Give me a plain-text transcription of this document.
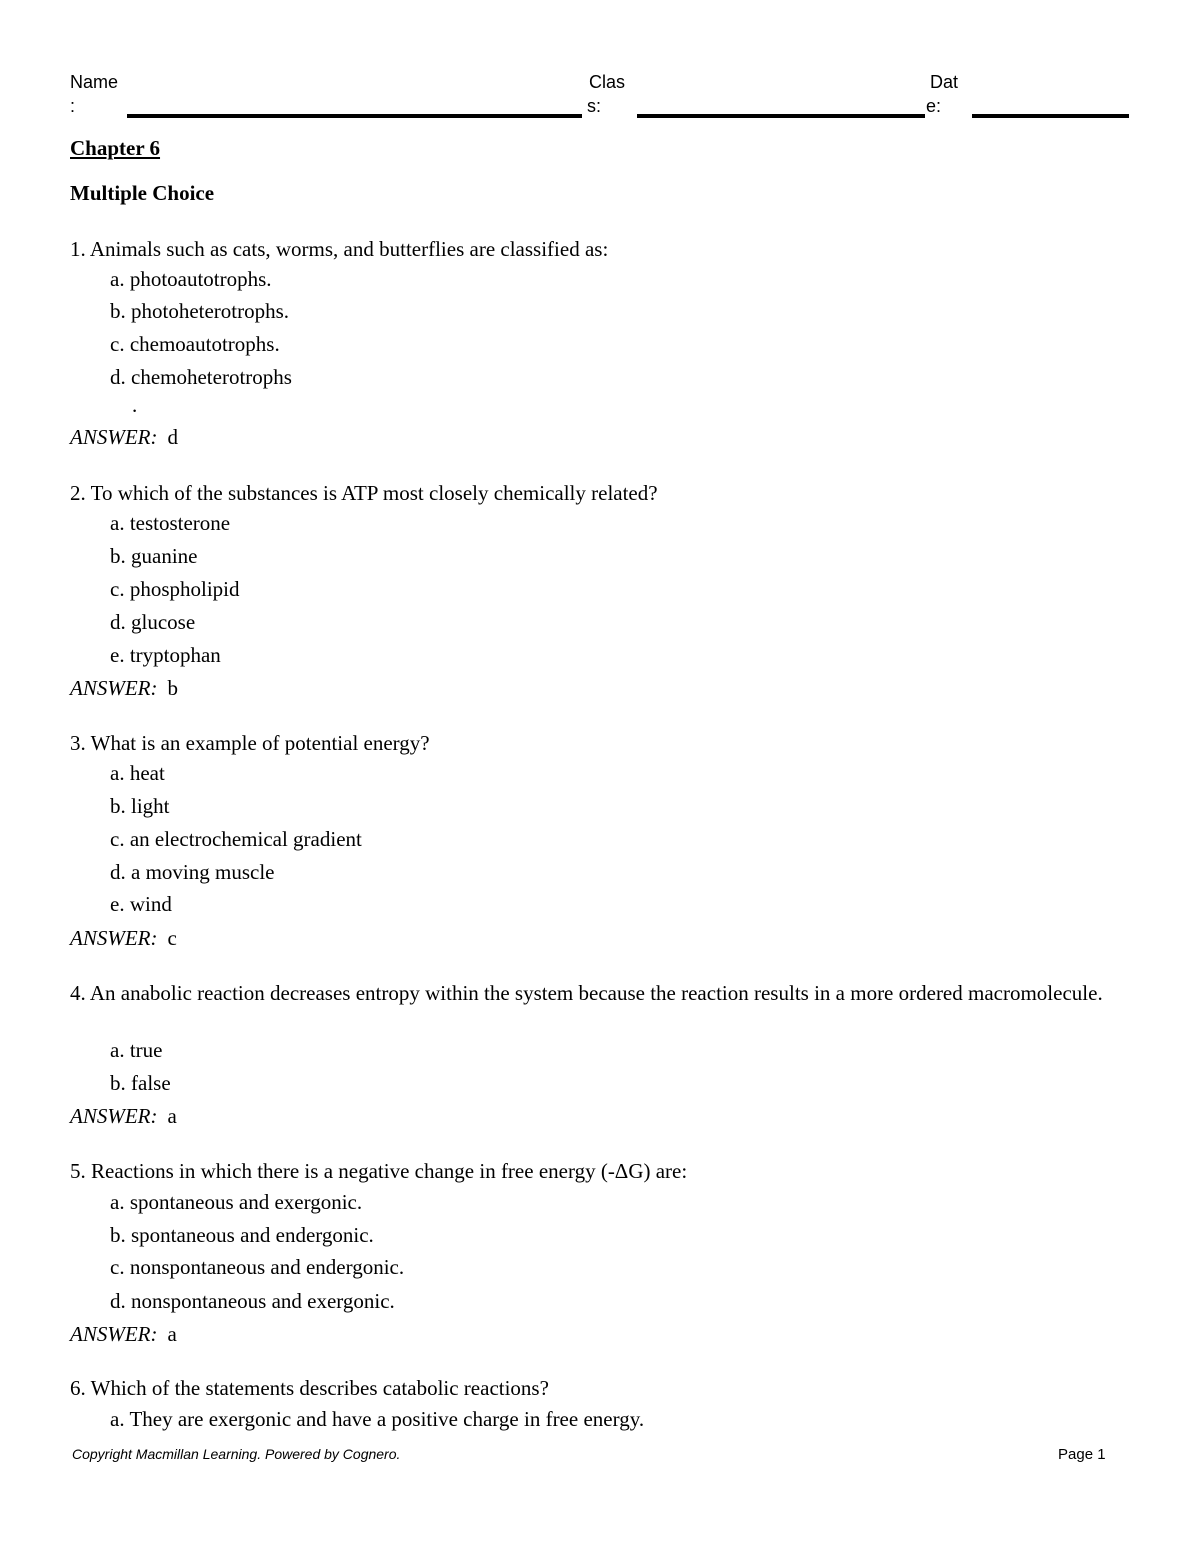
Name
:
Clas
s:
Dat
e:
Chapter 6
Multiple Choice
1. Animals such as cats, worms, and butterflies are classified as:
a. photoautotrophs.
b. photoheterotrophs.
c. chemoautotrophs.
d. chemoheterotrophs
.
ANSWER: d
2. To which of the substances is ATP most closely chemically related?
a. testosterone
b. guanine
c. phospholipid
d. glucose
e. tryptophan
ANSWER: b
3. What is an example of potential energy?
a. heat
b. light
c. an electrochemical gradient
d. a moving muscle
e. wind
ANSWER: c
4. An anabolic reaction decreases entropy within the system because the reaction results in a more ordered macromolecule.
a. true
b. false
ANSWER: a
5. Reactions in which there is a negative change in free energy (-ΔG) are:
a. spontaneous and exergonic.
b. spontaneous and endergonic.
c. nonspontaneous and endergonic.
d. nonspontaneous and exergonic.
ANSWER: a
6. Which of the statements describes catabolic reactions?
a. They are exergonic and have a positive charge in free energy.
Copyright Macmillan Learning. Powered by Cognero.	Page 1
